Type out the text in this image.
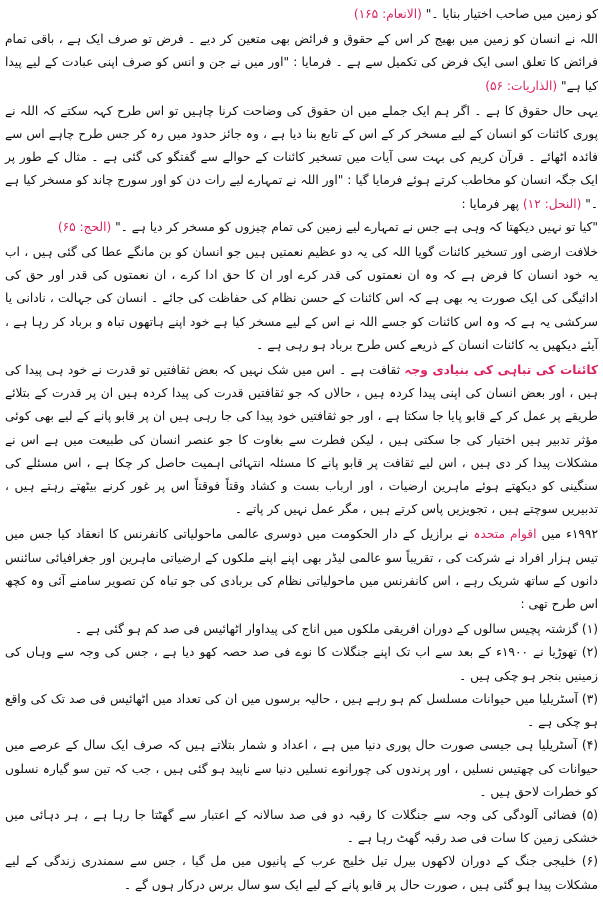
کو زمین میں صاحب اختیار بنایا ۔" (الانعام: ۱۶۵)

اللہ نے انسان کو زمین میں بھیج کر اس کے حقوق و فرائض بھی متعین کر دیے ۔ فرض تو صرف ایک ہے ، باقی تمام فرائض کا تعلق اسی ایک فرض کی تکمیل سے ہے ۔ فرمایا : "اور میں نے جن و انس کو صرف اپنی عبادت کے لیے پیدا کیا ہے" (الذاریات: ۵۶)

یہی حال حقوق کا ہے ۔ اگر ہم ایک جملے میں ان حقوق کی وضاحت کرنا چاہیں تو اس طرح کہہ سکتے کہ اللہ نے پوری کائنات کو انسان کے لیے مسخر کر کے اس کے تابع بنا دیا ہے ، وہ جائز حدود میں رہ کر جس طرح چاہے اس سے فائدہ اٹھائے ۔ قرآن کریم کی بہت سی آیات میں تسخیر کائنات کے حوالے سے گفتگو کی گئی ہے ۔ مثال کے طور پر ایک جگہ انسان کو مخاطب کرتے ہوئے فرمایا گیا : "اور اللہ نے تمہارے لیے رات دن کو اور سورج چاند کو مسخر کیا ہے ۔" (النحل: ۱۲) پھر فرمایا :

"کیا تو نہیں دیکھتا کہ وہی ہے جس نے تمہارے لیے زمین کی تمام چیزوں کو مسخر کر دیا ہے ۔" (الحج: ۶۵)

خلافت ارضی اور تسخیر کائنات گویا اللہ کی یہ دو عظیم نعمتیں ہیں جو انسان کو بن مانگے عطا کی گئی ہیں ، اب یہ خود انسان کا فرض ہے کہ وہ ان نعمتوں کی قدر کرے اور ان کا حق ادا کرے ، ان نعمتوں کی قدر اور حق کی ادائیگی کی ایک صورت یہ بھی ہے کہ اس کائنات کے حسن نظام کی حفاظت کی جائے ۔ انسان کی جہالت ، نادانی یا سرکشی یہ ہے کہ وہ اس کائنات کو جسے اللہ نے اس کے لیے مسخر کیا ہے خود اپنے ہاتھوں تباہ و برباد کر رہا ہے ، آیئے دیکھیں یہ کائنات انسان کے ذریعے کس طرح برباد ہو رہی ہے ۔

کائنات کی تباہی کی بنیادی وجہ ثقافت ہے ۔ اس میں شک نہیں کہ بعض ثقافتیں تو قدرت نے خود ہی پیدا کی ہیں ، اور بعض انسان کی اپنی پیدا کردہ ہیں ، حالاں کہ جو ثقافتیں قدرت کی پیدا کردہ ہیں ان پر قدرت کے بتلائے طریقے پر عمل کر کے قابو پایا جا سکتا ہے ، اور جو ثقافتیں خود پیدا کی جا رہی ہیں ان پر قابو پانے کے لیے بھی کوئی مؤثر تدبیر ہیں اختیار کی جا سکتی ہیں ، لیکن فطرت سے بغاوت کا جو عنصر انسان کی طبیعت میں ہے اس نے مشکلات پیدا کر دی ہیں ، اس لیے ثقافت پر قابو پانے کا مسئلہ انتہائی اہمیت حاصل کر چکا ہے ، اس مسئلے کی سنگینی کو دیکھتے ہوئے ماہرین ارضیات ، اور ارباب بست و کشاد وقتاً فوقتاً اس پر غور کرنے بیٹھتے رہتے ہیں ، تدبیریں سوچتے ہیں ، تجویزیں پاس کرتے ہیں ، مگر عمل نہیں کر پاتے ۔

۱۹۹۲ء میں اقوام متحدہ نے برازیل کے دار الحکومت میں دوسری عالمی ماحولیاتی کانفرنس کا انعقاد کیا جس میں تیس ہزار افراد نے شرکت کی ، تقریباً سو عالمی لیڈر بھی اپنے اپنے ملکوں کے ارضیاتی ماہرین اور جغرافیائی سائنس دانوں کے ساتھ شریک رہے ، اس کانفرنس میں ماحولیاتی نظام کی بربادی کی جو تباہ کن تصویر سامنے آئی وہ کچھ اس طرح تھی :

(۱) گزشتہ پچیس سالوں کے دوران افریقی ملکوں میں اناج کی پیداوار اٹھائیس فی صد کم ہو گئی ہے ۔

(۲) تھوڑیا نے ۱۹۰۰ء کے بعد سے اب تک اپنے جنگلات کا نوے فی صد حصہ کھو دیا ہے ، جس کی وجہ سے وہاں کی زمینیں بنجر ہو چکی ہیں ۔

(۳) آسٹریلیا میں حیوانات مسلسل کم ہو رہے ہیں ، حالیہ برسوں میں ان کی تعداد میں اٹھائیس فی صد تک کی واقع ہو چکی ہے ۔

(۴) آسٹریلیا ہی جیسی صورت حال پوری دنیا میں ہے ، اعداد و شمار بتلاتے ہیں کہ صرف ایک سال کے عرصے میں حیوانات کی چھتیس نسلیں ، اور پرندوں کی چورانوے نسلیں دنیا سے ناپید ہو گئی ہیں ، جب کہ تین سو گیارہ نسلوں کو خطرات لاحق ہیں ۔

(۵) فضائی آلودگی کی وجہ سے جنگلات کا رقبہ دو فی صد سالانہ کے اعتبار سے گھٹتا جا رہا ہے ، ہر دہائی میں خشکی زمین کا سات فی صد رقبہ گھٹ رہا ہے ۔

(۶) خلیجی جنگ کے دوران لاکھوں بیرل تیل خلیج عرب کے پانیوں میں مل گیا ، جس سے سمندری زندگی کے لیے مشکلات پیدا ہو گئی ہیں ، صورت حال پر قابو پانے کے لیے ایک سو سال برس درکار ہوں گے ۔
